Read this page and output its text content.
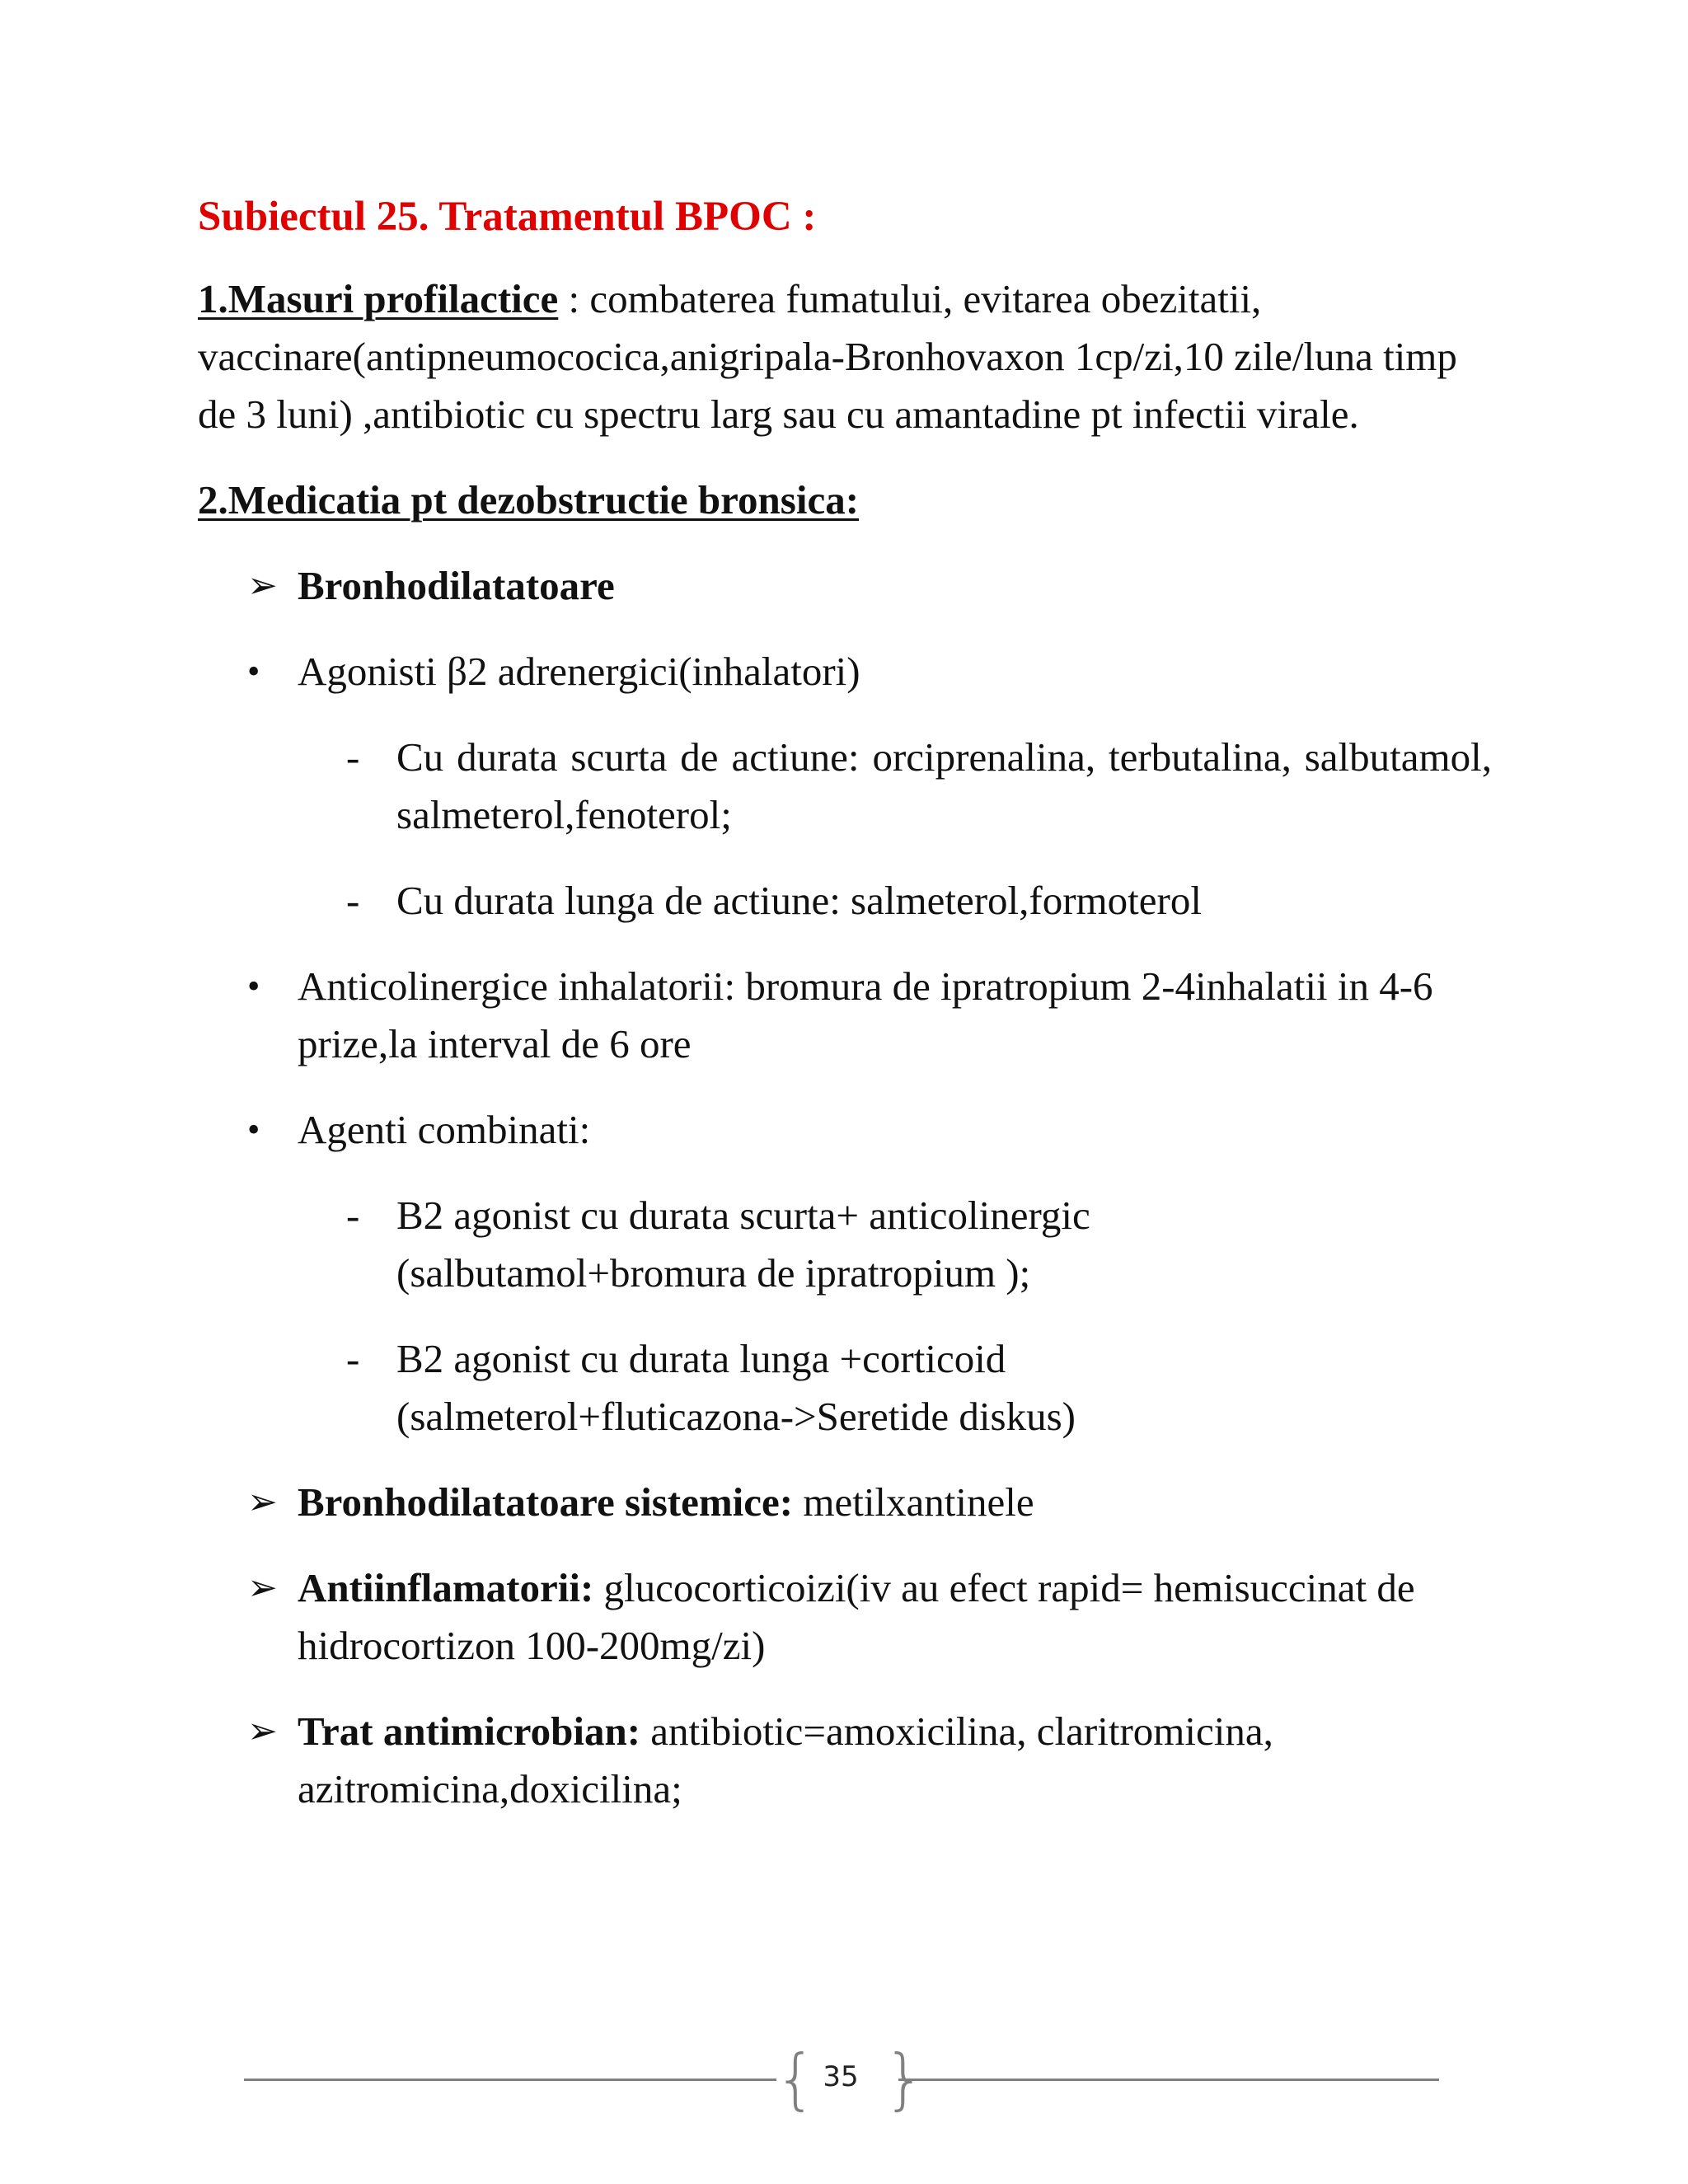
Subiectul 25. Tratamentul BPOC :

1.Masuri profilactice : combaterea fumatului, evitarea obezitatii, vaccinare(antipneumococica,anigripala-Bronhovaxon 1cp/zi,10 zile/luna timp de 3 luni) ,antibiotic cu spectru larg sau cu amantadine pt infectii virale.

2.Medicatia pt dezobstructie bronsica:

➢ Bronhodilatatoare
• Agonisti β2 adrenergici(inhalatori)
- Cu durata scurta de actiune: orciprenalina, terbutalina, salbutamol, salmeterol,fenoterol;
- Cu durata lunga de actiune: salmeterol,formoterol
• Anticolinergice inhalatorii: bromura de ipratropium 2-4inhalatii in 4-6 prize,la interval de 6 ore
• Agenti combinati:
- B2 agonist cu durata scurta+ anticolinergic
(salbutamol+bromura de ipratropium );
- B2 agonist cu durata lunga +corticoid
(salmeterol+fluticazona->Seretide diskus)
➢ Bronhodilatatoare sistemice: metilxantinele
➢ Antiinflamatorii: glucocorticoizi(iv au efect rapid= hemisuccinat de hidrocortizon 100-200mg/zi)
➢ Trat antimicrobian: antibiotic=amoxicilina, claritromicina, azitromicina,doxicilina;
{ 35 }
